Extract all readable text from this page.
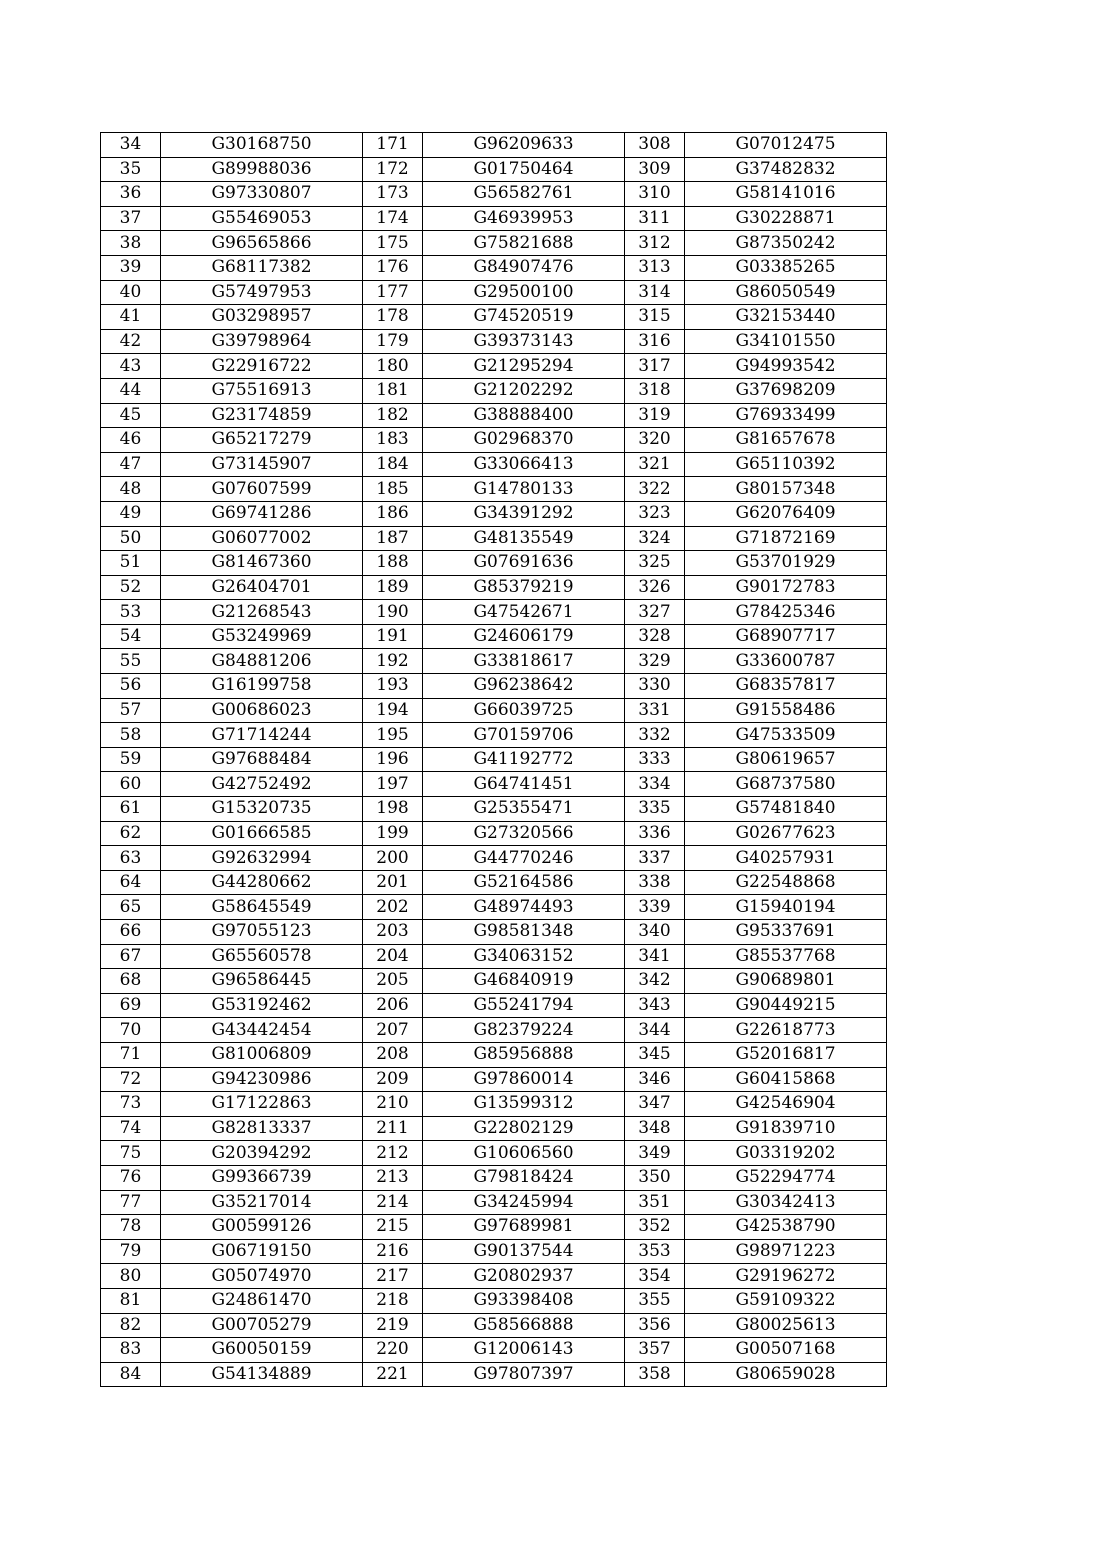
34	G30168750	171	G96209633	308	G07012475
35	G89988036	172	G01750464	309	G37482832
36	G97330807	173	G56582761	310	G58141016
37	G55469053	174	G46939953	311	G30228871
38	G96565866	175	G75821688	312	G87350242
39	G68117382	176	G84907476	313	G03385265
40	G57497953	177	G29500100	314	G86050549
41	G03298957	178	G74520519	315	G32153440
42	G39798964	179	G39373143	316	G34101550
43	G22916722	180	G21295294	317	G94993542
44	G75516913	181	G21202292	318	G37698209
45	G23174859	182	G38888400	319	G76933499
46	G65217279	183	G02968370	320	G81657678
47	G73145907	184	G33066413	321	G65110392
48	G07607599	185	G14780133	322	G80157348
49	G69741286	186	G34391292	323	G62076409
50	G06077002	187	G48135549	324	G71872169
51	G81467360	188	G07691636	325	G53701929
52	G26404701	189	G85379219	326	G90172783
53	G21268543	190	G47542671	327	G78425346
54	G53249969	191	G24606179	328	G68907717
55	G84881206	192	G33818617	329	G33600787
56	G16199758	193	G96238642	330	G68357817
57	G00686023	194	G66039725	331	G91558486
58	G71714244	195	G70159706	332	G47533509
59	G97688484	196	G41192772	333	G80619657
60	G42752492	197	G64741451	334	G68737580
61	G15320735	198	G25355471	335	G57481840
62	G01666585	199	G27320566	336	G02677623
63	G92632994	200	G44770246	337	G40257931
64	G44280662	201	G52164586	338	G22548868
65	G58645549	202	G48974493	339	G15940194
66	G97055123	203	G98581348	340	G95337691
67	G65560578	204	G34063152	341	G85537768
68	G96586445	205	G46840919	342	G90689801
69	G53192462	206	G55241794	343	G90449215
70	G43442454	207	G82379224	344	G22618773
71	G81006809	208	G85956888	345	G52016817
72	G94230986	209	G97860014	346	G60415868
73	G17122863	210	G13599312	347	G42546904
74	G82813337	211	G22802129	348	G91839710
75	G20394292	212	G10606560	349	G03319202
76	G99366739	213	G79818424	350	G52294774
77	G35217014	214	G34245994	351	G30342413
78	G00599126	215	G97689981	352	G42538790
79	G06719150	216	G90137544	353	G98971223
80	G05074970	217	G20802937	354	G29196272
81	G24861470	218	G93398408	355	G59109322
82	G00705279	219	G58566888	356	G80025613
83	G60050159	220	G12006143	357	G00507168
84	G54134889	221	G97807397	358	G80659028
